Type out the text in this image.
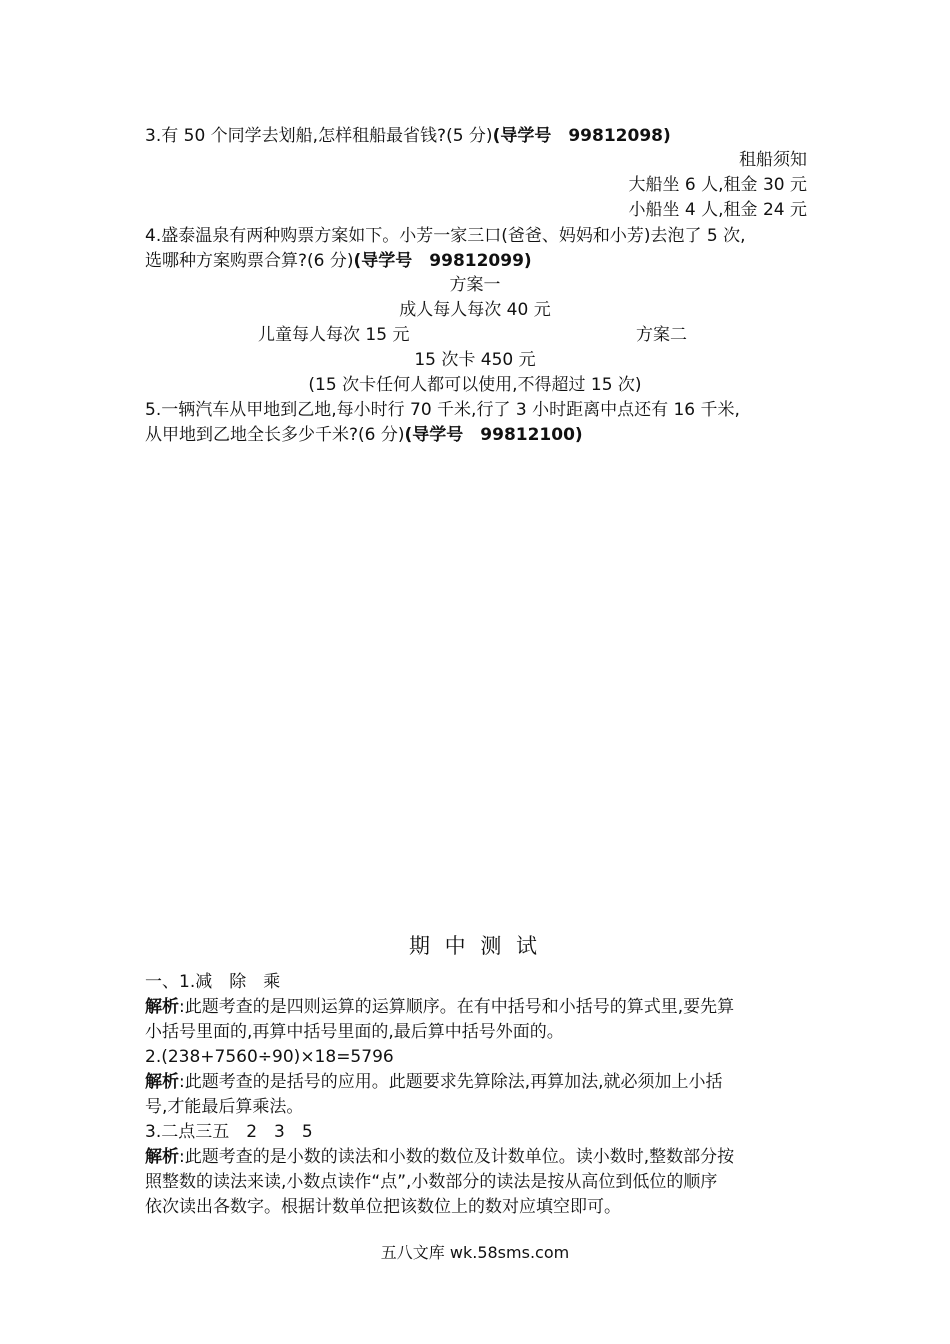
3.有 50 个同学去划船,怎样租船最省钱?(5 分)(导学号　99812098)
租船须知
大船坐 6 人,租金 30 元
小船坐 4 人,租金 24 元
4.盛泰温泉有两种购票方案如下。小芳一家三口(爸爸、妈妈和小芳)去泡了 5 次,
选哪种方案购票合算?(6 分)(导学号　99812099)
方案一
成人每人每次 40 元
儿童每人每次 15 元	方案二
15 次卡 450 元
(15 次卡任何人都可以使用,不得超过 15 次)
5.一辆汽车从甲地到乙地,每小时行 70 千米,行了 3 小时距离中点还有 16 千米,
从甲地到乙地全长多少千米?(6 分)(导学号　99812100)
期 中 测 试
一、1.减　除　乘
解析:此题考查的是四则运算的运算顺序。在有中括号和小括号的算式里,要先算
小括号里面的,再算中括号里面的,最后算中括号外面的。
2.(238+7560÷90)×18=5796
解析:此题考查的是括号的应用。此题要求先算除法,再算加法,就必须加上小括
号,才能最后算乘法。
3.二点三五　2　3　5
解析:此题考查的是小数的读法和小数的数位及计数单位。读小数时,整数部分按
照整数的读法来读,小数点读作“点”,小数部分的读法是按从高位到低位的顺序
依次读出各数字。根据计数单位把该数位上的数对应填空即可。
五八文库 wk.58sms.com
